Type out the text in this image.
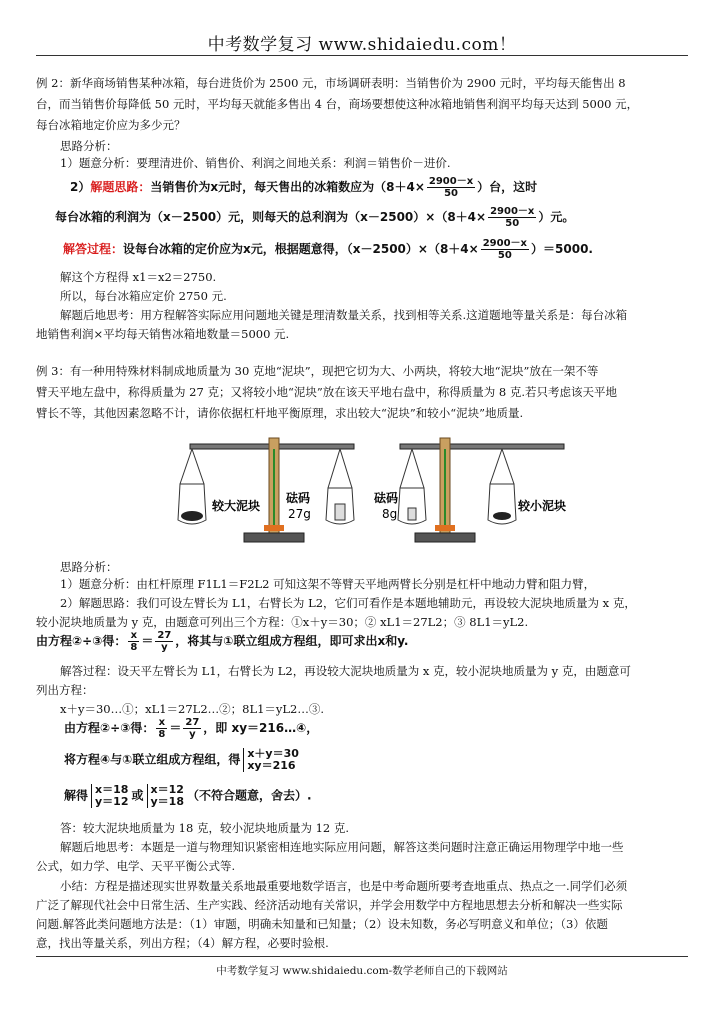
中考数学复习 www.shidaiedu.com！
例 2：新华商场销售某种冰箱，每台进货价为 2500 元，市场调研表明：当销售价为 2900 元时，平均每天能售出 8
台，而当销售价每降低 50 元时，平均每天就能多售出 4 台，商场要想使这种冰箱地销售利润平均每天达到 5000 元，
每台冰箱地定价应为多少元？
思路分析：
1）题意分析：要理清进价、销售价、利润之间地关系：利润＝销售价－进价.
2）解题思路：当销售价为x元时，每天售出的冰箱数应为（$8+4\times \frac{2900-x}{50}$ ）台，这时
每台冰箱的利润为（x－2500）元，则每天的总利润为$(x-2500)\times(8+4\times \frac{2900-x}{50}$ ）元。
解答过程：设每台冰箱的定价应为x元，根据题意得，$(x-2500)\times(8+4\times \frac{2900-x}{50} )=5000$.
解这个方程得 x1＝x2＝2750.
所以，每台冰箱应定价 2750 元.
解题后地思考：用方程解答实际应用问题地关键是理清数量关系，找到相等关系.这道题地等量关系是：每台冰箱
地销售利润×平均每天销售冰箱地数量＝5000 元.
例 3：有一种用特殊材料制成地质量为 30 克地“泥块”，现把它切为大、小两块，将较大地“泥块”放在一架不等
臂天平地左盘中，称得质量为 27 克；又将较小地“泥块”放在该天平地右盘中，称得质量为 8 克.若只考虑该天平地
臂长不等，其他因素忽略不计，请你依据杠杆地平衡原理，求出较大“泥块”和较小“泥块”地质量.
较大泥块
砝码
27g
砝码
8g
较小泥块
思路分析：
1）题意分析：由杠杆原理 F1L1＝F2L2 可知这架不等臂天平地两臂长分别是杠杆中地动力臂和阻力臂，
2）解题思路：我们可设左臂长为 L1，右臂长为 L2，它们可看作是本题地辅助元，再设较大泥块地质量为 x 克，
较小泥块地质量为 y 克，由题意可列出三个方程：①x＋y＝30；② xL1＝27L2；③ 8L1＝yL2.
由方程②÷③得： $\frac{x}{8} = \frac{27}{y}$ ，将其与①联立组成方程组，即可求出x和y.
解答过程：设天平左臂长为 L1，右臂长为 L2，再设较大泥块地质量为 x 克，较小泥块地质量为 y 克，由题意可
列出方程：
x＋y＝30…①；xL1＝27L2…②；8L1＝yL2…③.
由方程②÷③得： $\frac{x}{8} = \frac{27}{y}$ ，即 xy＝216…④，
将方程④与①联立组成方程组，得 x＋y＝30
xy＝216
解得 x＝18
y＝12 或 x＝12
y＝18 （不符合题意，舍去）.
答：较大泥块地质量为 18 克，较小泥块地质量为 12 克.
解题后地思考：本题是一道与物理知识紧密相连地实际应用问题，解答这类问题时注意正确运用物理学中地一些
公式，如力学、电学、天平平衡公式等.
小结：方程是描述现实世界数量关系地最重要地数学语言，也是中考命题所要考查地重点、热点之一.同学们必须
广泛了解现代社会中日常生活、生产实践、经济活动地有关常识，并学会用数学中方程地思想去分析和解决一些实际
问题.解答此类问题地方法是：（1）审题，明确未知量和已知量；（2）设未知数，务必写明意义和单位；（3）依题
意，找出等量关系，列出方程；（4）解方程，必要时验根.
中考数学复习 www.shidaiedu.com-数学老师自己的下载网站
